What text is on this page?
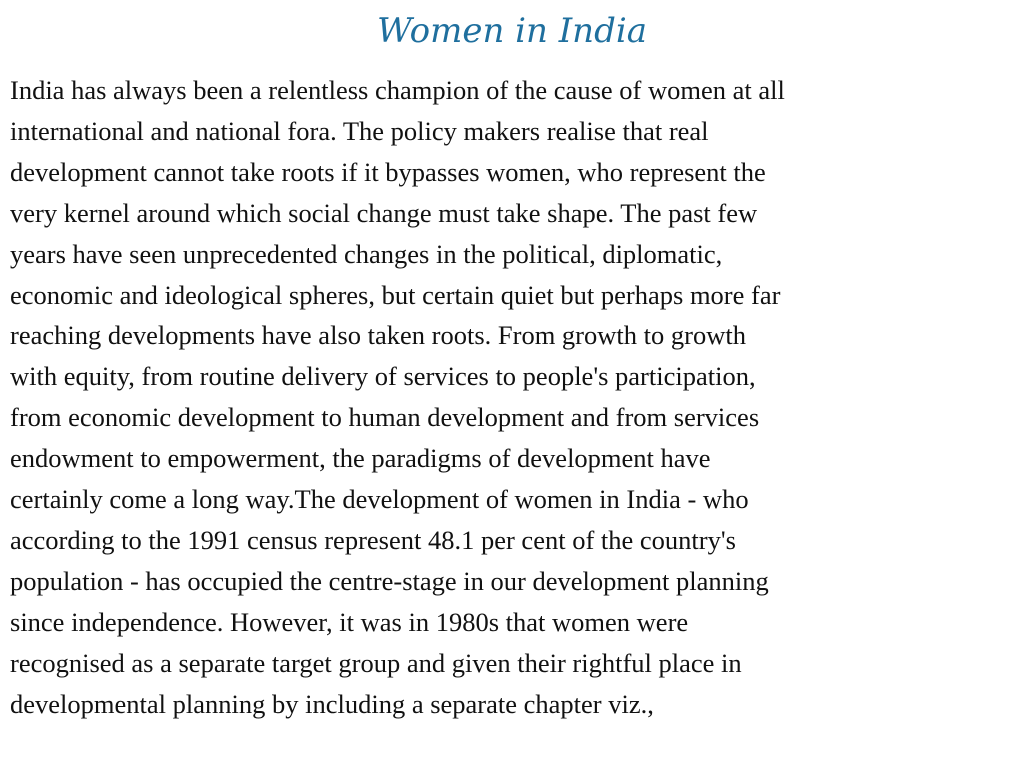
Women in India
India has always been a relentless champion of the cause of women at all
international and national fora. The policy makers realise that real
development cannot take roots if it bypasses women, who represent the
very kernel around which social change must take shape. The past few
years have seen unprecedented changes in the political, diplomatic,
economic and ideological spheres, but certain quiet but perhaps more far
reaching developments have also taken roots. From growth to growth
with equity, from routine delivery of services to people's participation,
from economic development to human development and from services
endowment to empowerment, the paradigms of development have
certainly come a long way.The development of women in India - who
according to the 1991 census represent 48.1 per cent of the country's
population - has occupied the centre-stage in our development planning
since independence. However, it was in 1980s that women were
recognised as a separate target group and given their rightful place in
developmental planning by including a separate chapter viz.,
